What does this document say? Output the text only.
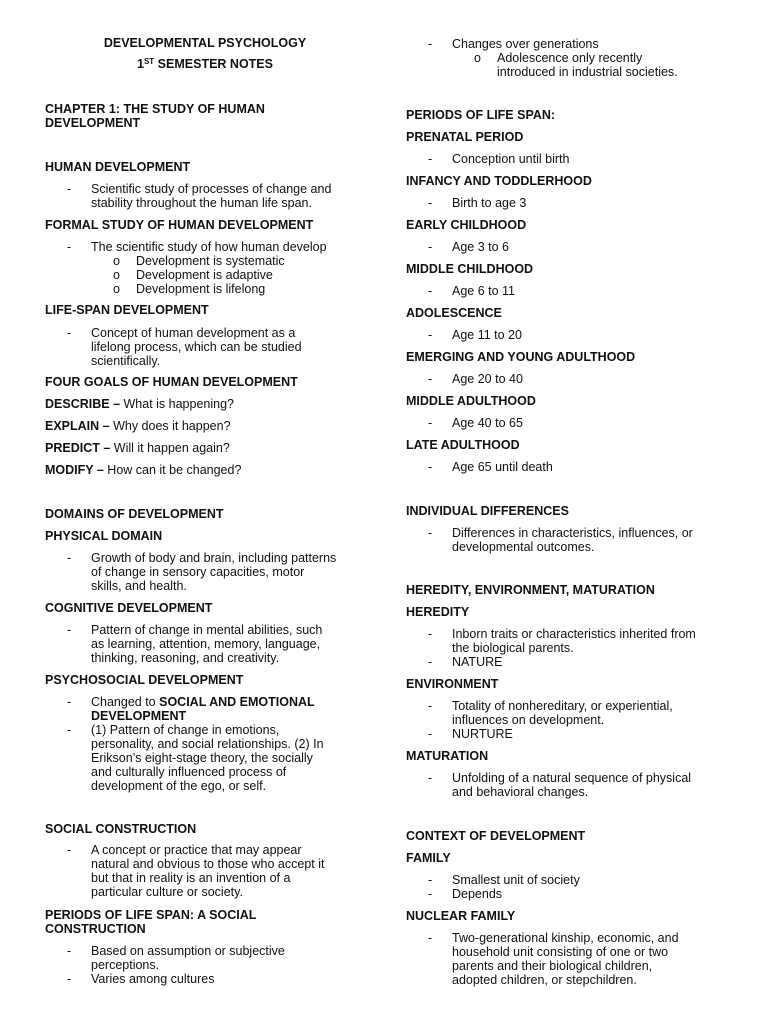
DEVELOPMENTAL PSYCHOLOGY
1ST SEMESTER NOTES
CHAPTER 1: THE STUDY OF HUMAN
DEVELOPMENT
HUMAN DEVELOPMENT
- Scientific study of processes of change and
stability throughout the human life span.
FORMAL STUDY OF HUMAN DEVELOPMENT
- The scientific study of how human develop
o Development is systematic
o Development is adaptive
o Development is lifelong
LIFE-SPAN DEVELOPMENT
- Concept of human development as a
lifelong process, which can be studied
scientifically.
FOUR GOALS OF HUMAN DEVELOPMENT
DESCRIBE – What is happening?
EXPLAIN – Why does it happen?
PREDICT – Will it happen again?
MODIFY – How can it be changed?
DOMAINS OF DEVELOPMENT
PHYSICAL DOMAIN
- Growth of body and brain, including patterns
of change in sensory capacities, motor
skills, and health.
COGNITIVE DEVELOPMENT
- Pattern of change in mental abilities, such
as learning, attention, memory, language,
thinking, reasoning, and creativity.
PSYCHOSOCIAL DEVELOPMENT
- Changed to SOCIAL AND EMOTIONAL
DEVELOPMENT
- (1) Pattern of change in emotions,
personality, and social relationships. (2) In
Erikson’s eight-stage theory, the socially
and culturally influenced process of
development of the ego, or self.
SOCIAL CONSTRUCTION
- A concept or practice that may appear
natural and obvious to those who accept it
but that in reality is an invention of a
particular culture or society.
PERIODS OF LIFE SPAN: A SOCIAL
CONSTRUCTION
- Based on assumption or subjective
perceptions.
- Varies among cultures
- Changes over generations
o Adolescence only recently
introduced in industrial societies.
PERIODS OF LIFE SPAN:
PRENATAL PERIOD
- Conception until birth
INFANCY AND TODDLERHOOD
- Birth to age 3
EARLY CHILDHOOD
- Age 3 to 6
MIDDLE CHILDHOOD
- Age 6 to 11
ADOLESCENCE
- Age 11 to 20
EMERGING AND YOUNG ADULTHOOD
- Age 20 to 40
MIDDLE ADULTHOOD
- Age 40 to 65
LATE ADULTHOOD
- Age 65 until death
INDIVIDUAL DIFFERENCES
- Differences in characteristics, influences, or
developmental outcomes.
HEREDITY, ENVIRONMENT, MATURATION
HEREDITY
- Inborn traits or characteristics inherited from
the biological parents.
- NATURE
ENVIRONMENT
- Totality of nonhereditary, or experiential,
influences on development.
- NURTURE
MATURATION
- Unfolding of a natural sequence of physical
and behavioral changes.
CONTEXT OF DEVELOPMENT
FAMILY
- Smallest unit of society
- Depends
NUCLEAR FAMILY
- Two-generational kinship, economic, and
household unit consisting of one or two
parents and their biological children,
adopted children, or stepchildren.
